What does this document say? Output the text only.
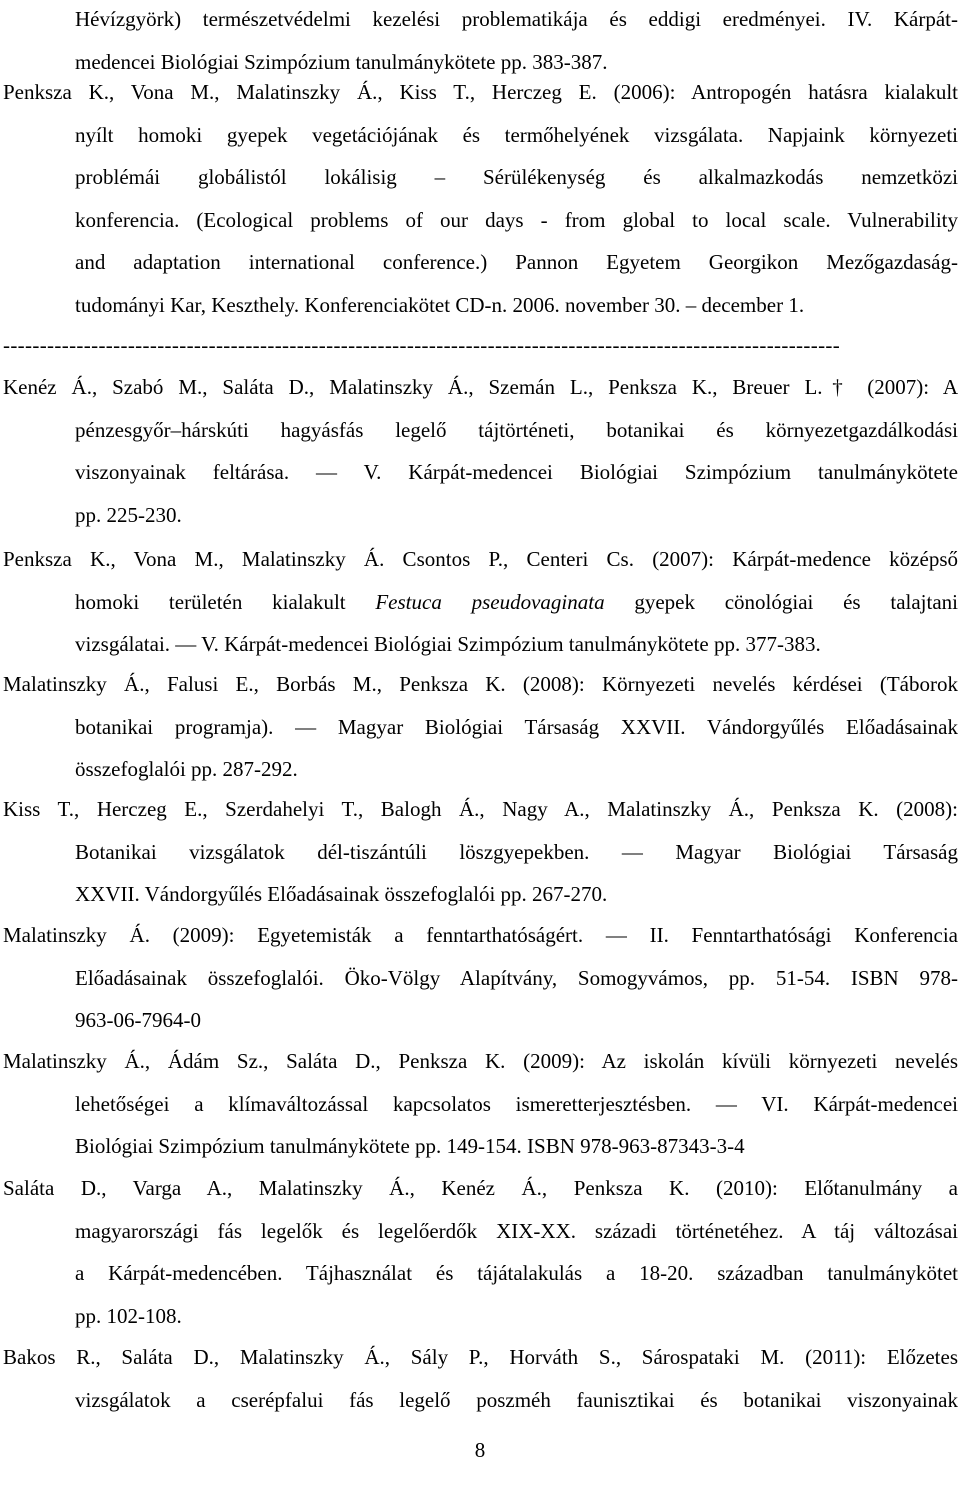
Hévízgyörk) természetvédelmi kezelési problematikája és eddigi eredményei. IV. Kárpát-
medencei Biológiai Szimpózium tanulmánykötete pp. 383-387.
Penksza K., Vona M., Malatinszky Á., Kiss T., Herczeg E. (2006): Antropogén hatásra kialakult
nyílt homoki gyepek vegetációjának és termőhelyének vizsgálata. Napjaink környezeti
problémái globálistól lokálisig – Sérülékenység és alkalmazkodás nemzetközi
konferencia. (Ecological problems of our days - from global to local scale. Vulnerability
and adaptation international conference.) Pannon Egyetem Georgikon Mezőgazdaság-
tudományi Kar, Keszthely. Konferenciakötet CD-n. 2006. november 30. – december 1.
------------------------------------------------------------------------------------------------------------------
Kenéz Á., Szabó M., Saláta D., Malatinszky Á., Szemán L., Penksza K., Breuer L.† (2007): A
pénzesgyőr–hárskúti hagyásfás legelő tájtörténeti, botanikai és környezetgazdálkodási
viszonyainak feltárása. — V. Kárpát-medencei Biológiai Szimpózium tanulmánykötete
pp. 225-230.
Penksza K., Vona M., Malatinszky Á. Csontos P., Centeri Cs. (2007): Kárpát-medence középső
homoki területén kialakult Festuca pseudovaginata gyepek cönológiai és talajtani
vizsgálatai. — V. Kárpát-medencei Biológiai Szimpózium tanulmánykötete pp. 377-383.
Malatinszky Á., Falusi E., Borbás M., Penksza K. (2008): Környezeti nevelés kérdései (Táborok
botanikai programja). — Magyar Biológiai Társaság XXVII. Vándorgyűlés Előadásainak
összefoglalói pp. 287-292.
Kiss T., Herczeg E., Szerdahelyi T., Balogh Á., Nagy A., Malatinszky Á., Penksza K. (2008):
Botanikai vizsgálatok dél-tiszántúli löszgyepekben. — Magyar Biológiai Társaság
XXVII. Vándorgyűlés Előadásainak összefoglalói pp. 267-270.
Malatinszky Á. (2009): Egyetemisták a fenntarthatóságért. — II. Fenntarthatósági Konferencia
Előadásainak összefoglalói. Öko-Völgy Alapítvány, Somogyvámos, pp. 51-54. ISBN 978-
963-06-7964-0
Malatinszky Á., Ádám Sz., Saláta D., Penksza K. (2009): Az iskolán kívüli környezeti nevelés
lehetőségei a klímaváltozással kapcsolatos ismeretterjesztésben. — VI. Kárpát-medencei
Biológiai Szimpózium tanulmánykötete pp. 149-154. ISBN 978-963-87343-3-4
Saláta D., Varga A., Malatinszky Á., Kenéz Á., Penksza K. (2010): Előtanulmány a
magyarországi fás legelők és legelőerdők XIX-XX. századi történetéhez. A táj változásai
a Kárpát-medencében. Tájhasználat és tájátalakulás a 18-20. században tanulmánykötet
pp. 102-108.
Bakos R., Saláta D., Malatinszky Á., Sály P., Horváth S., Sárospataki M. (2011): Előzetes
vizsgálatok a cserépfalui fás legelő poszméh faunisztikai és botanikai viszonyainak
8
